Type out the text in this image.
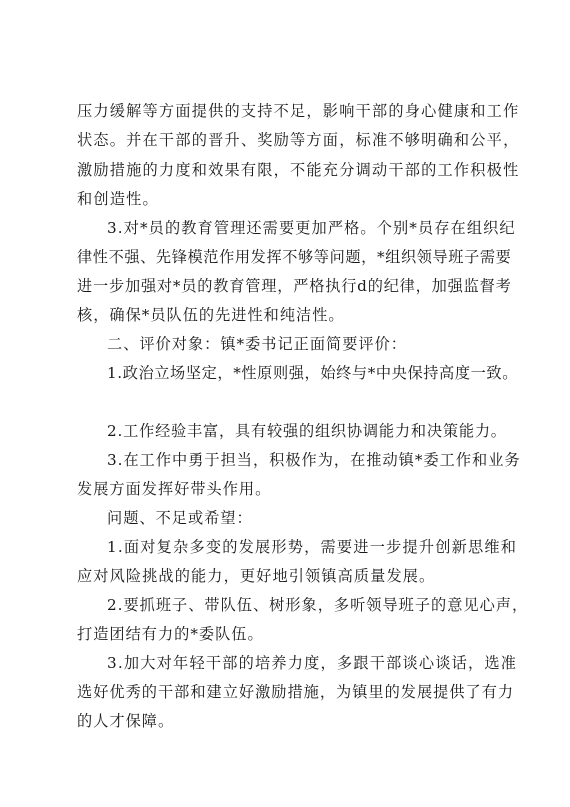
压力缓解等方面提供的支持不足，影响干部的身心健康和工作
状态。并在干部的晋升、奖励等方面，标准不够明确和公平，
激励措施的力度和效果有限，不能充分调动干部的工作积极性
和创造性。
3.对*员的教育管理还需要更加严格。个别*员存在组织纪
律性不强、先锋模范作用发挥不够等问题，*组织领导班子需要
进一步加强对*员的教育管理，严格执行d的纪律，加强监督考
核，确保*员队伍的先进性和纯洁性。
二、评价对象：镇*委书记正面简要评价：
1.政治立场坚定，*性原则强，始终与*中央保持高度一致。
2.工作经验丰富，具有较强的组织协调能力和决策能力。
3.在工作中勇于担当，积极作为，在推动镇*委工作和业务
发展方面发挥好带头作用。
问题、不足或希望：
1.面对复杂多变的发展形势，需要进一步提升创新思维和
应对风险挑战的能力，更好地引领镇高质量发展。
2.要抓班子、带队伍、树形象，多听领导班子的意见心声，
打造团结有力的*委队伍。
3.加大对年轻干部的培养力度，多跟干部谈心谈话，选准
选好优秀的干部和建立好激励措施，为镇里的发展提供了有力
的人才保障。
